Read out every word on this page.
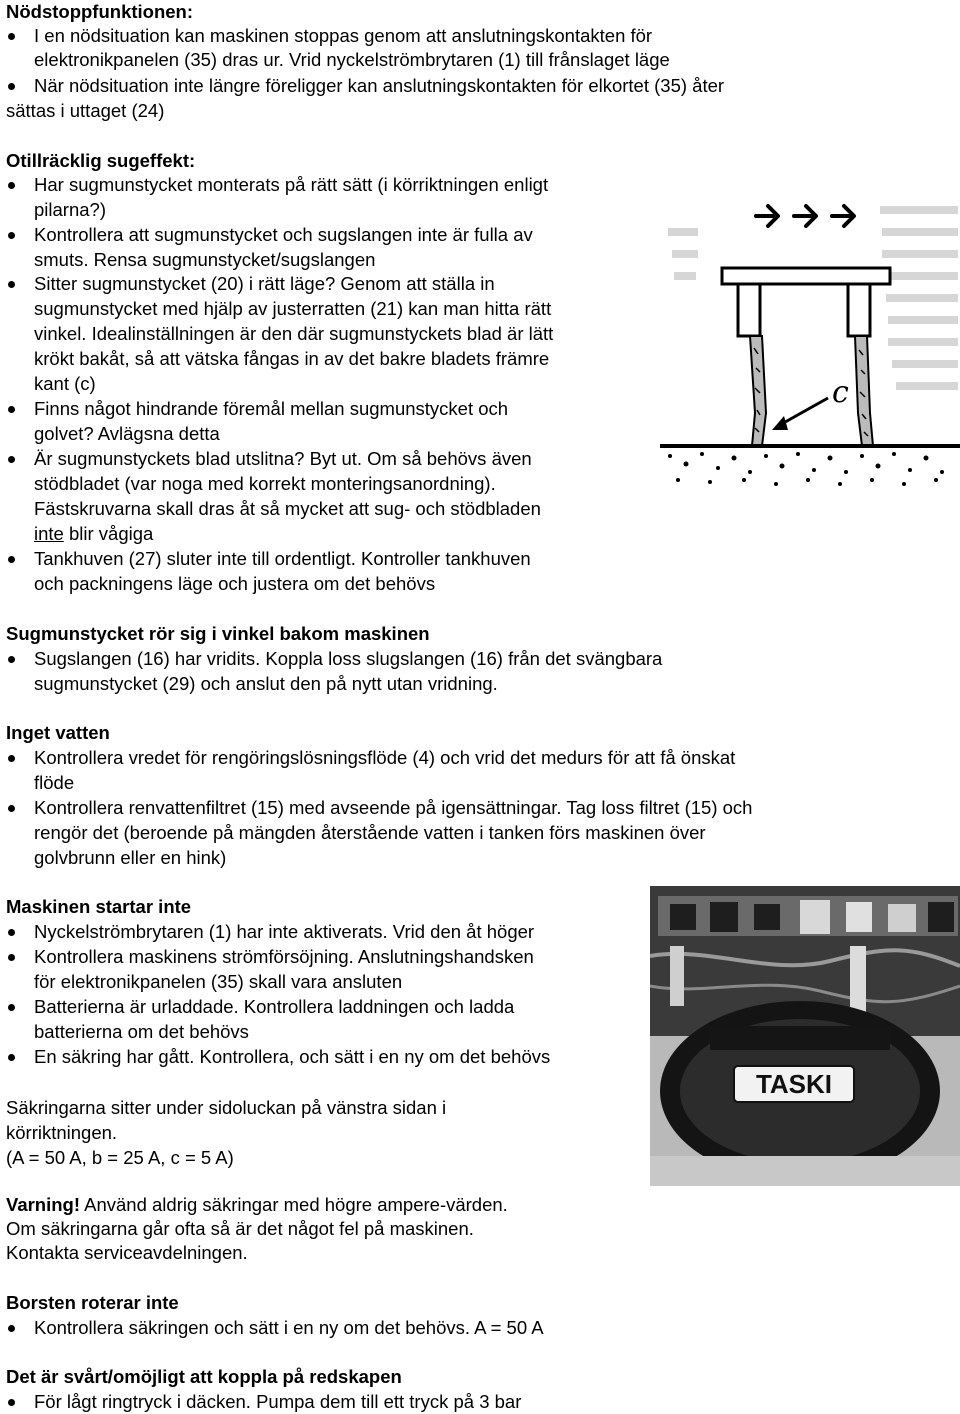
Nödstoppfunktionen:
I en nödsituation kan maskinen stoppas genom att anslutningskontakten för
elektronikpanelen (35) dras ur. Vrid nyckelströmbrytaren (1) till frånslaget läge
När nödsituation inte längre föreligger kan anslutningskontakten för elkortet (35) åter
sättas i uttaget (24)
Otillräcklig sugeffekt:
Har sugmunstycket monterats på rätt sätt (i körriktningen enligt
pilarna?)
Kontrollera att sugmunstycket och sugslangen inte är fulla av
smuts. Rensa sugmunstycket/sugslangen
Sitter sugmunstycket (20) i rätt läge? Genom att ställa in
sugmunstycket med hjälp av justerratten (21) kan man hitta rätt
vinkel. Idealinställningen är den där sugmunstyckets blad är lätt
krökt bakåt, så att vätska fångas in av det bakre bladets främre
kant (c)
Finns något hindrande föremål mellan sugmunstycket och
golvet? Avlägsna detta
Är sugmunstyckets blad utslitna? Byt ut. Om så behövs även
stödbladet (var noga med korrekt monteringsanordning).
Fästskruvarna skall dras åt så mycket att sug- och stödbladen
inte blir vågiga
Tankhuven (27) sluter inte till ordentligt. Kontroller tankhuven
och packningens läge och justera om det behövs
Sugmunstycket rör sig i vinkel bakom maskinen
Sugslangen (16) har vridits. Koppla loss slugslangen (16) från det svängbara
sugmunstycket (29) och anslut den på nytt utan vridning.
Inget vatten
Kontrollera vredet för rengöringslösningsflöde (4) och vrid det medurs för att få önskat
flöde
Kontrollera renvattenfiltret (15) med avseende på igensättningar. Tag loss filtret (15) och
rengör det (beroende på mängden återstående vatten i tanken förs maskinen över
golvbrunn eller en hink)
Maskinen startar inte
Nyckelströmbrytaren (1) har inte aktiverats. Vrid den åt höger
Kontrollera maskinens strömförsöjning. Anslutningshandsken
för elektronikpanelen (35) skall vara ansluten
Batterierna är urladdade. Kontrollera laddningen och ladda
batterierna om det behövs
En säkring har gått. Kontrollera, och sätt i en ny om det behövs
Säkringarna sitter under sidoluckan på vänstra sidan i
körriktningen.
(A = 50 A, b = 25 A, c = 5 A)
Varning! Använd aldrig säkringar med högre ampere-värden.
Om säkringarna går ofta så är det något fel på maskinen.
Kontakta serviceavdelningen.
Borsten roterar inte
Kontrollera säkringen och sätt i en ny om det behövs. A = 50 A
Det är svårt/omöjligt att koppla på redskapen
För lågt ringtryck i däcken. Pumpa dem till ett tryck på 3 bar
c
TASKI
